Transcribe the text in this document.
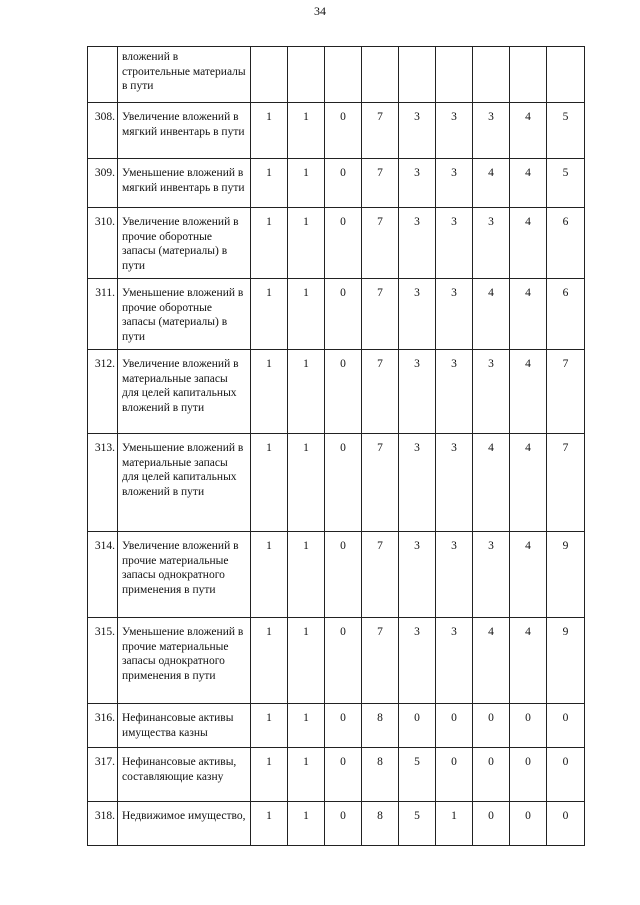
34
	вложений в строительные материалы в пути									
308.	Увеличение вложений в мягкий инвентарь в пути	1	1	0	7	3	3	3	4	5
309.	Уменьшение вложений в мягкий инвентарь в пути	1	1	0	7	3	3	4	4	5
310.	Увеличение вложений в прочие оборотные запасы (материалы) в пути	1	1	0	7	3	3	3	4	6
311.	Уменьшение вложений в прочие оборотные запасы (материалы) в пути	1	1	0	7	3	3	4	4	6
312.	Увеличение вложений в материальные запасы для целей капитальных вложений в пути	1	1	0	7	3	3	3	4	7
313.	Уменьшение вложений в материальные запасы для целей капитальных вложений в пути	1	1	0	7	3	3	4	4	7
314.	Увеличение вложений в прочие материальные запасы однократного применения в пути	1	1	0	7	3	3	3	4	9
315.	Уменьшение вложений в прочие материальные запасы однократного применения в пути	1	1	0	7	3	3	4	4	9
316.	Нефинансовые активы имущества казны	1	1	0	8	0	0	0	0	0
317.	Нефинансовые активы, составляющие казну	1	1	0	8	5	0	0	0	0
318.	Недвижимое имущество,	1	1	0	8	5	1	0	0	0
